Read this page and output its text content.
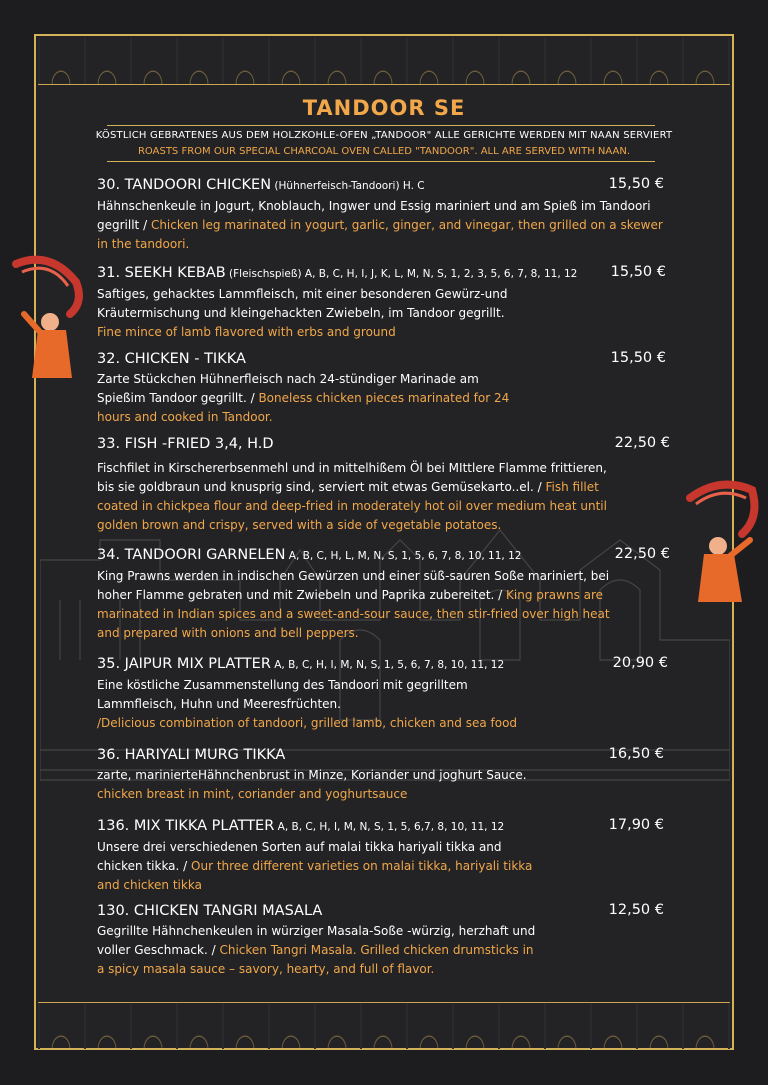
TANDOOR SE
KÖSTLICH GEBRATENES AUS DEM HOLZKOHLE-OFEN „TANDOOR" ALLE GERICHTE WERDEN MIT NAAN SERVIERT
ROASTS FROM OUR SPECIAL CHARCOAL OVEN CALLED "TANDOOR". ALL ARE SERVED WITH NAAN.
30. TANDOORI CHICKEN (Hühnerfeisch-Tandoori) H. C	15,50 €
Hähnschenkeule in Jogurt, Knoblauch, Ingwer und Essig mariniert und am Spieß im Tandoori gegrillt / Chicken leg marinated in yogurt, garlic, ginger, and vinegar, then grilled on a skewer in the tandoori.
31. SEEKH KEBAB (Fleischspieß) A, B, C, H, I, J, K, L, M, N, S, 1, 2, 3, 5, 6, 7, 8, 11, 12	15,50 €
Saftiges, gehacktes Lammfleisch, mit einer besonderen Gewürz-und Kräutermischung und kleingehackten Zwiebeln, im Tandoor gegrillt.
Fine mince of lamb flavored with erbs and ground
32. CHICKEN - TIKKA	15,50 €
Zarte Stückchen Hühnerfleisch nach 24-stündiger Marinade am Spießim Tandoor gegrillt. / Boneless chicken pieces marinated for 24 hours and cooked in Tandoor.
33. FISH -FRIED 3,4, H.D	22,50 €
Fischfilet in Kirschererbsenmehl und in mittelhißem Öl bei MIttlere Flamme frittieren, bis sie goldbraun und knusprig sind, serviert mit etwas Gemüsekarto..el. / Fish fillet coated in chickpea flour and deep-fried in moderately hot oil over medium heat until golden brown and crispy, served with a side of vegetable potatoes.
34. TANDOORI GARNELEN A, B, C, H, L, M, N, S, 1, 5, 6, 7, 8, 10, 11, 12	22,50 €
King Prawns werden in indischen Gewürzen und einer süß-sauren Soße mariniert, bei hoher Flamme gebraten und mit Zwiebeln und Paprika zubereitet. / King prawns are marinated in Indian spices and a sweet-and-sour sauce, then stir-fried over high heat and prepared with onions and bell peppers.
35. JAIPUR MIX PLATTER A, B, C, H, I, M, N, S, 1, 5, 6, 7, 8, 10, 11, 12	20,90 €
Eine köstliche Zusammenstellung des Tandoori mit gegrilltem Lammfleisch, Huhn und Meeresfrüchten.
/Delicious combination of tandoori, grilled lamb, chicken and sea food
36. HARIYALI MURG TIKKA	16,50 €
zarte, marinierteHähnchenbrust in Minze, Koriander und joghurt Sauce.
chicken breast in mint, coriander and yoghurtsauce
136. MIX TIKKA PLATTER A, B, C, H, I, M, N, S, 1, 5, 6,7, 8, 10, 11, 12	17,90 €
Unsere drei verschiedenen Sorten auf malai tikka hariyali tikka and chicken tikka. / Our three different varieties on malai tikka, hariyali tikka and chicken tikka
130. CHICKEN TANGRI MASALA	12,50 €
Gegrillte Hähnchenkeulen in würziger Masala-Soße -würzig, herzhaft und voller Geschmack. / Chicken Tangri Masala. Grilled chicken drumsticks in a spicy masala sauce – savory, hearty, and full of flavor.
